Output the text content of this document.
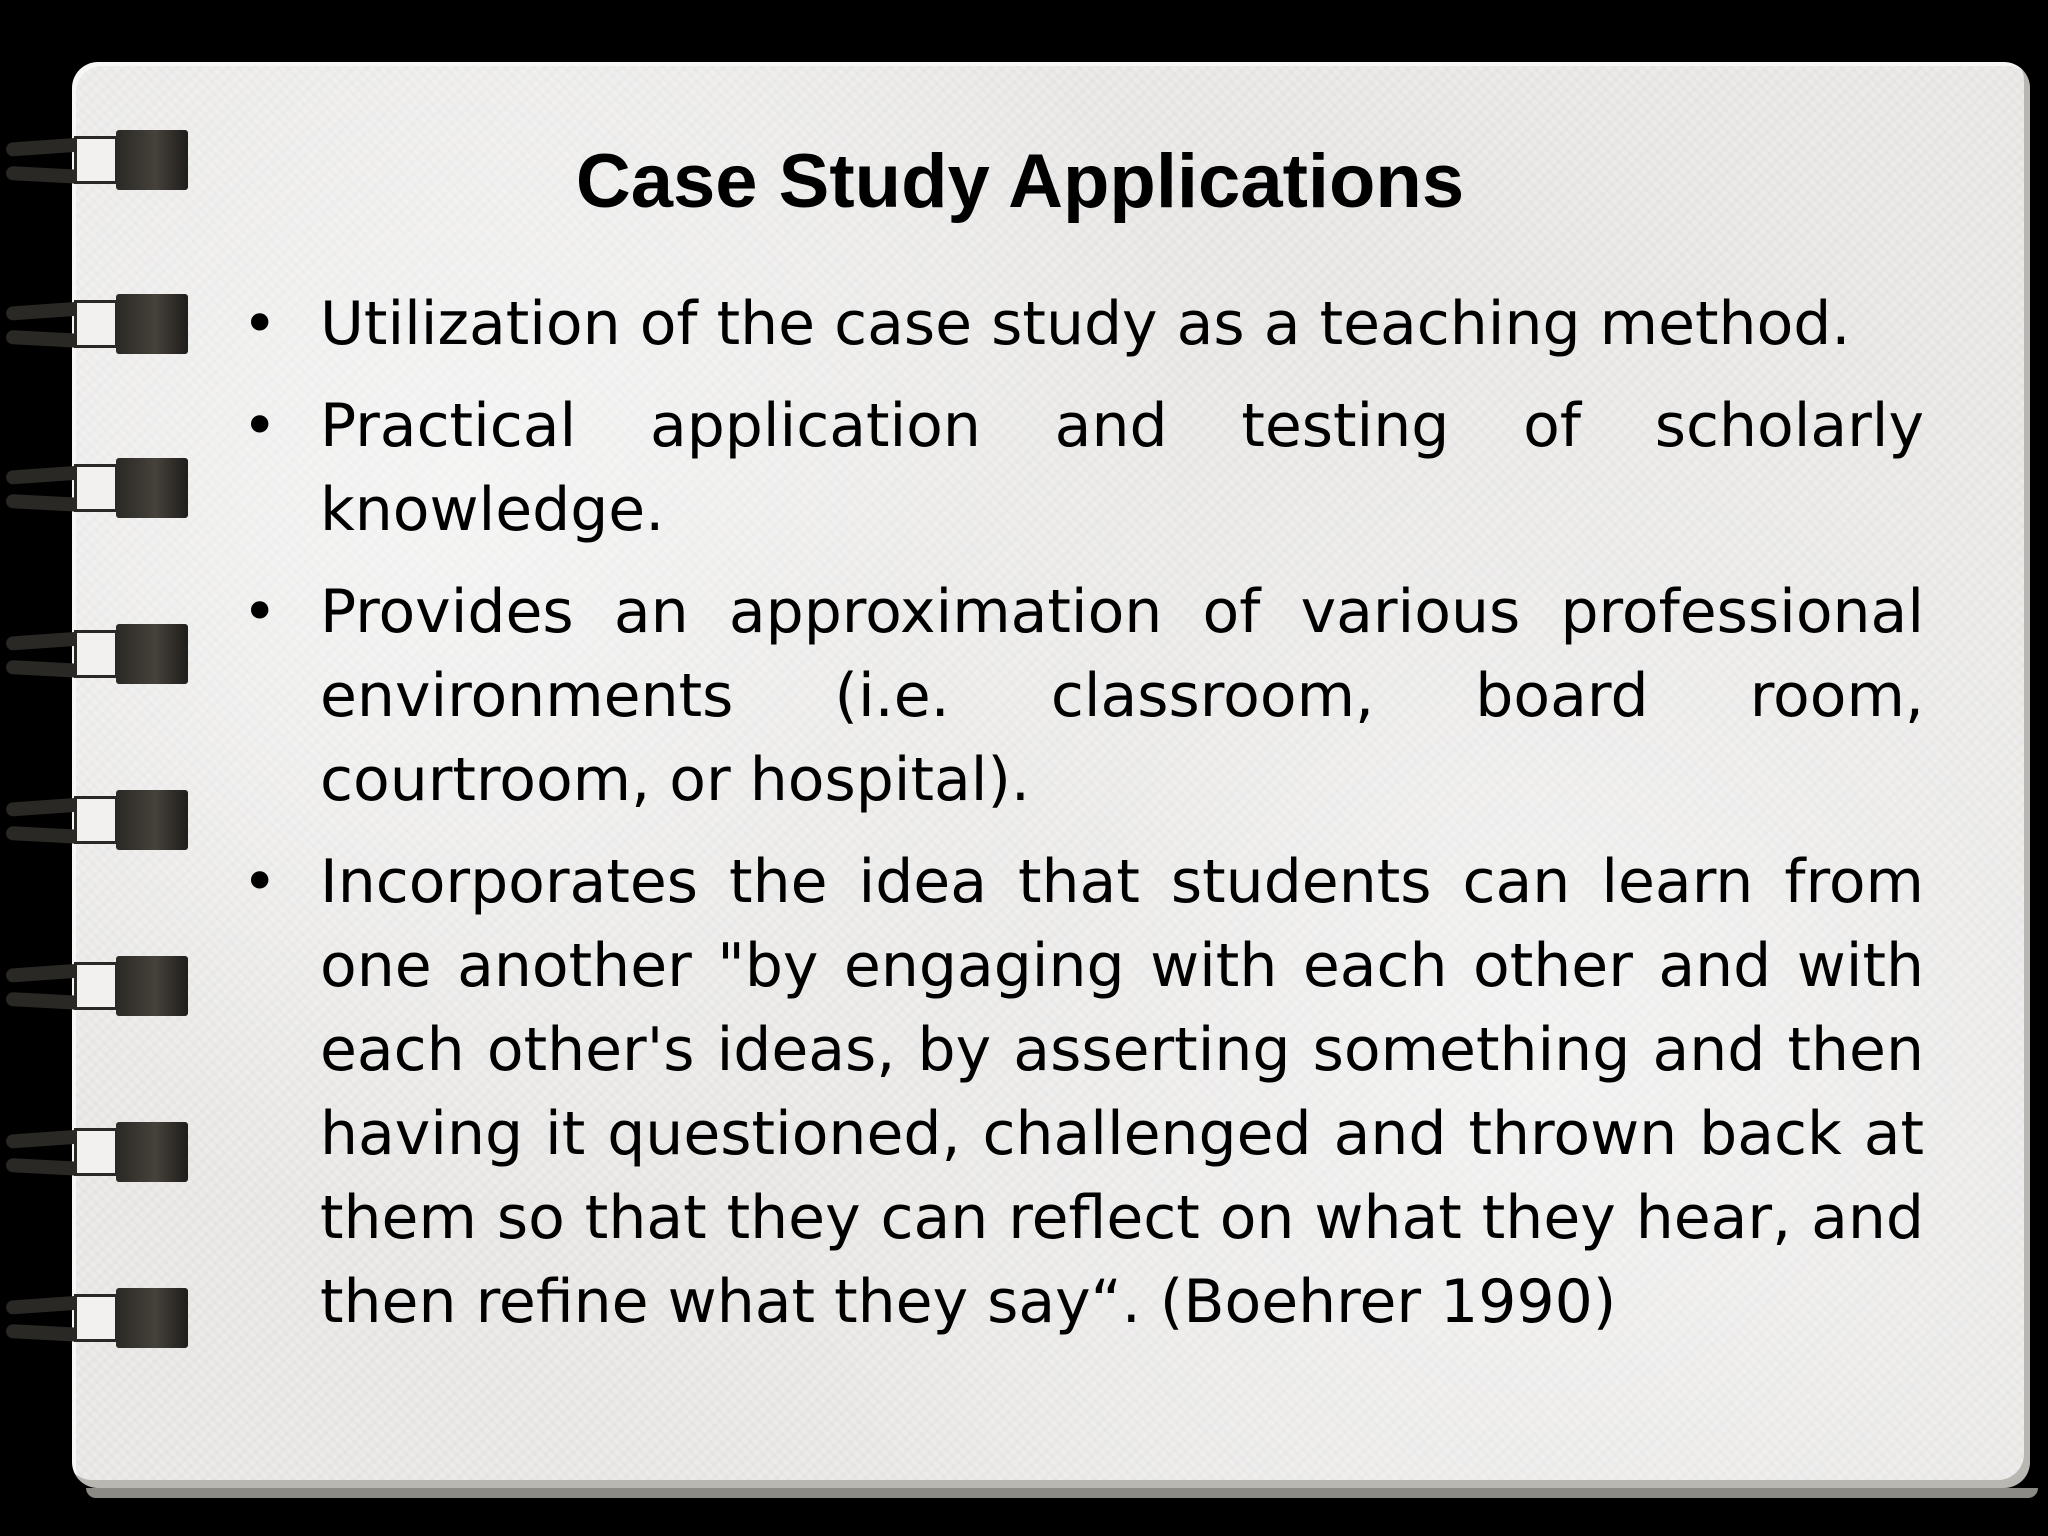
Case Study Applications
• Utilization of the case study as a teaching method.
• Practical application and testing of scholarly knowledge.
• Provides an approximation of various professional environments (i.e. classroom, board room, courtroom, or hospital).
• Incorporates the idea that students can learn from one another "by engaging with each other and with each other's ideas, by asserting something and then having it questioned, challenged and thrown back at them so that they can reflect on what they hear, and then refine what they say“. (Boehrer 1990)
